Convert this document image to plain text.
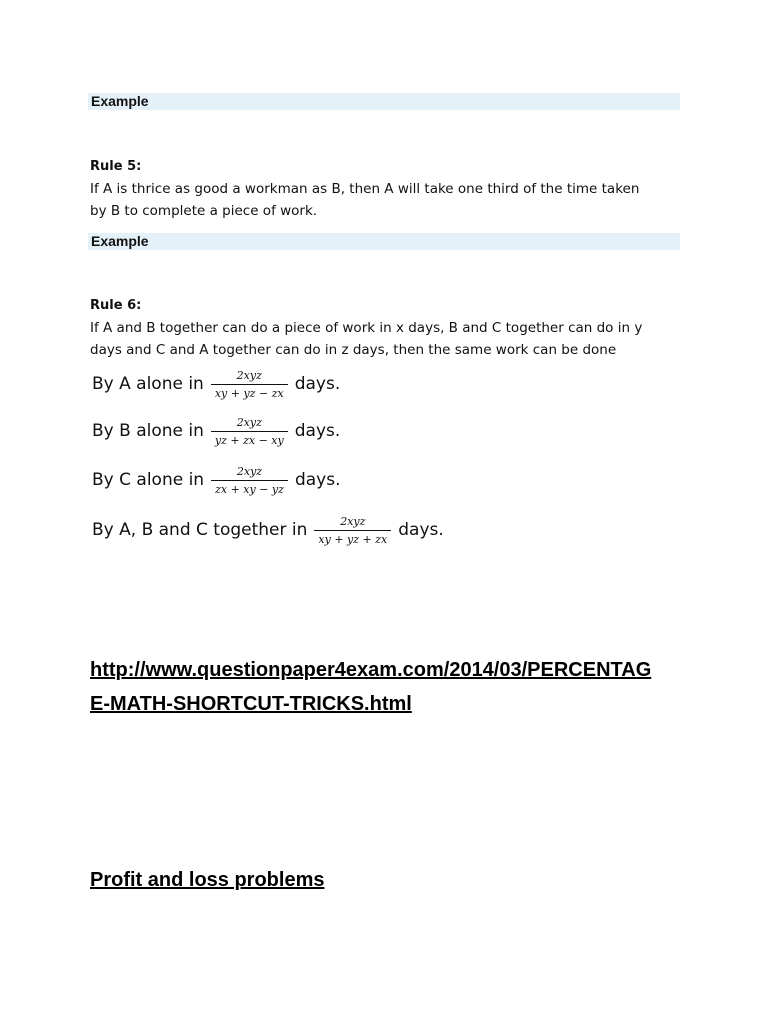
Example
Rule 5:
If A is thrice as good a workman as B, then A will take one third of the time taken
by B to complete a piece of work.
Example
Rule 6:
If A and B together can do a piece of work in x days, B and C together can do in y
days and C and A together can do in z days, then the same work can be done
By A alone in $\frac{\text{2xyz}}{xy + yz - zx}$ days.
By B alone in $\frac{\text{2xyz}}{yz + zx - xy}$ days.
By C alone in $\frac{\text{2xyz}}{zx + xy - yz}$ days.
By A, B and C together in $\frac{\text{2xyz}}{xy + yz + zx}$ days.
http://www.questionpaper4exam.com/2014/03/PERCENTAG
E-MATH-SHORTCUT-TRICKS.html
Profit and loss problems
